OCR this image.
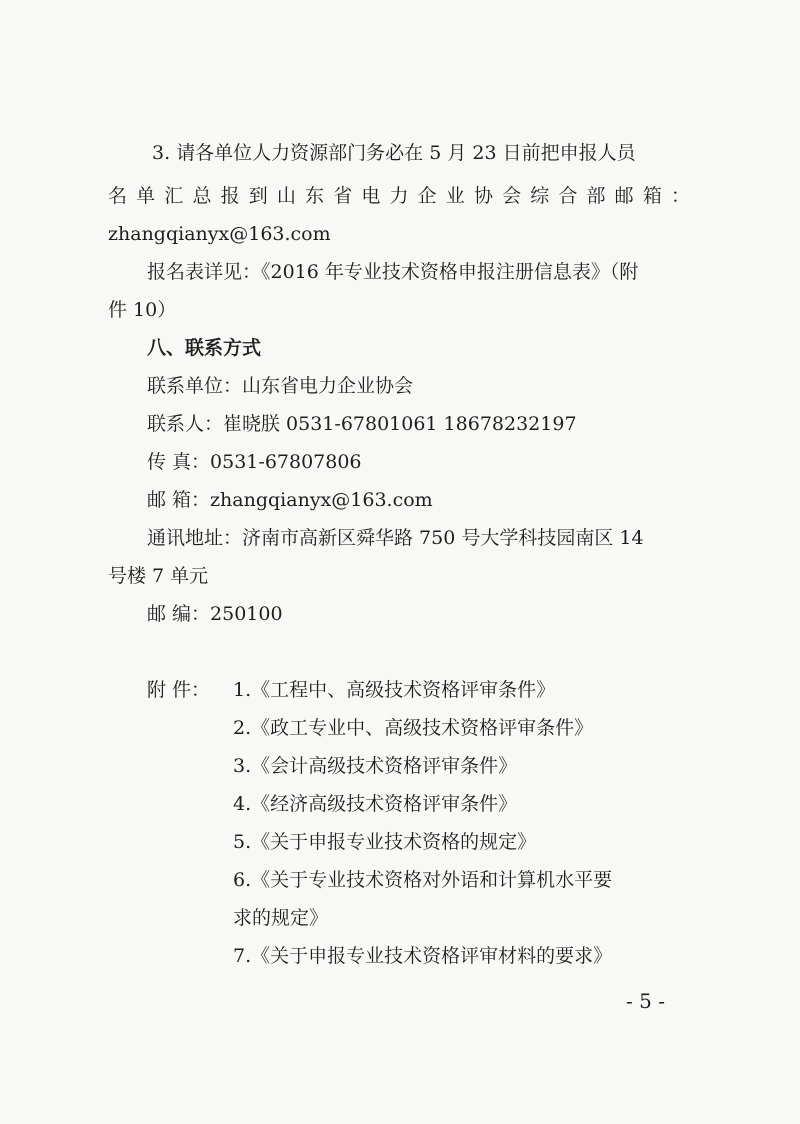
3. 请各单位人力资源部门务必在 5 月 23 日前把申报人员
名单汇总报到山东省电力企业协会综合部邮箱：
zhangqianyx@163.com
报名表详见：《2016 年专业技术资格申报注册信息表》（附
件 10）
八、联系方式
联系单位：山东省电力企业协会
联系人：崔晓朕 0531-67801061 18678232197
传 真：0531-67807806
邮 箱：zhangqianyx@163.com
通讯地址：济南市高新区舜华路 750 号大学科技园南区 14
号楼 7 单元
邮 编：250100
附 件： 1.《工程中、高级技术资格评审条件》
2.《政工专业中、高级技术资格评审条件》
3.《会计高级技术资格评审条件》
4.《经济高级技术资格评审条件》
5.《关于申报专业技术资格的规定》
6.《关于专业技术资格对外语和计算机水平要
求的规定》
7.《关于申报专业技术资格评审材料的要求》
- 5 -
